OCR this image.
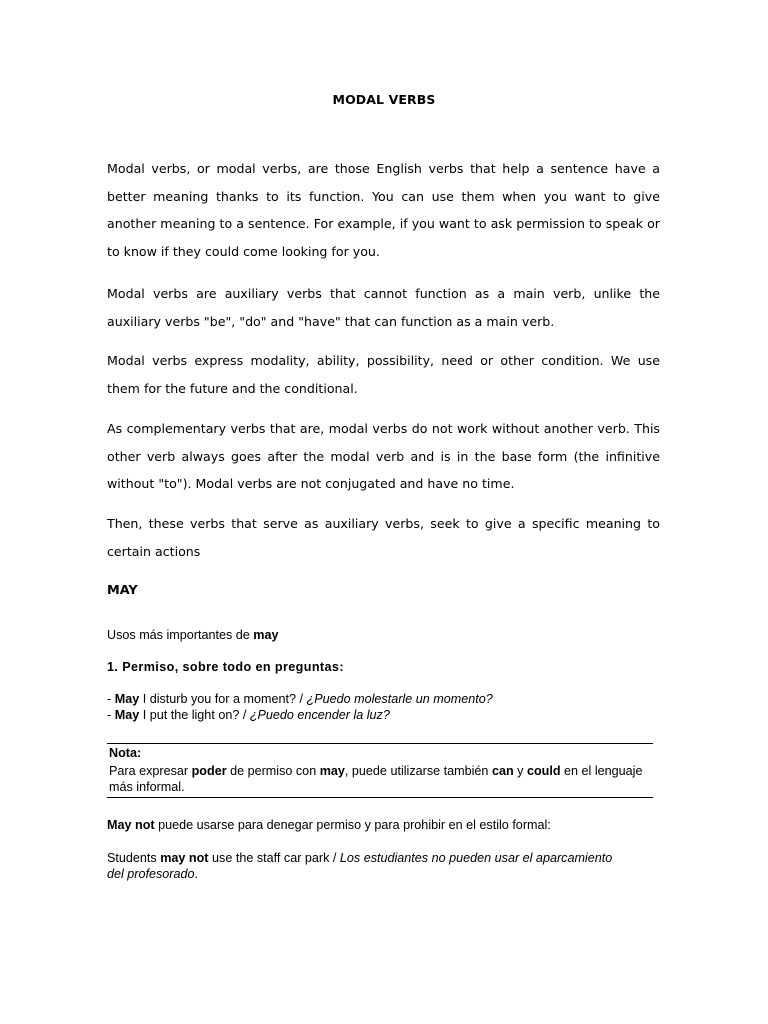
MODAL VERBS

Modal verbs, or modal verbs, are those English verbs that help a sentence have a better meaning thanks to its function. You can use them when you want to give another meaning to a sentence. For example, if you want to ask permission to speak or to know if they could come looking for you.

Modal verbs are auxiliary verbs that cannot function as a main verb, unlike the auxiliary verbs "be", "do" and "have" that can function as a main verb.

Modal verbs express modality, ability, possibility, need or other condition. We use them for the future and the conditional.

As complementary verbs that are, modal verbs do not work without another verb. This other verb always goes after the modal verb and is in the base form (the infinitive without "to"). Modal verbs are not conjugated and have no time.

Then, these verbs that serve as auxiliary verbs, seek to give a specific meaning to certain actions

MAY

Usos más importantes de may

1. Permiso, sobre todo en preguntas:

- May I disturb you for a moment? / ¿Puedo molestarle un momento?

- May I put the light on? / ¿Puedo encender la luz?

Nota:
Para expresar poder de permiso con may, puede utilizarse también can y could en el lenguaje más informal.

May not puede usarse para denegar permiso y para prohibir en el estilo formal:

Students may not use the staff car park / Los estudiantes no pueden usar el aparcamiento del profesorado.
